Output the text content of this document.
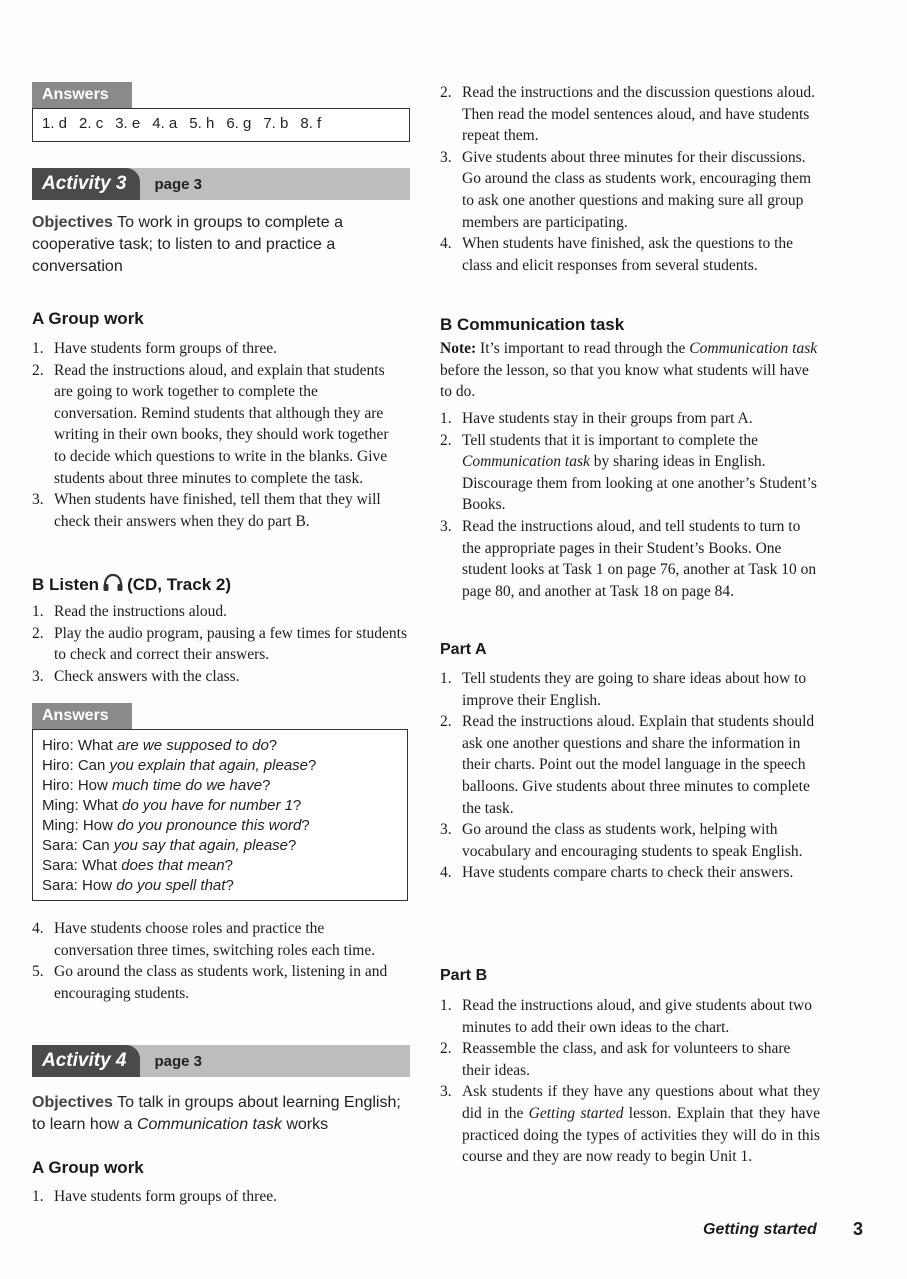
Answers
1. d 2. c 3. e 4. a 5. h 6. g 7. b 8. f
Activity 3	page 3
Objectives To work in groups to complete a cooperative task; to listen to and practice a conversation
A Group work
1. Have students form groups of three.
2. Read the instructions aloud, and explain that students are going to work together to complete the conversation. Remind students that although they are writing in their own books, they should work together to decide which questions to write in the blanks. Give students about three minutes to complete the task.
3. When students have finished, tell them that they will check their answers when they do part B.
B Listen (CD, Track 2)
1. Read the instructions aloud.
2. Play the audio program, pausing a few times for students to check and correct their answers.
3. Check answers with the class.
Answers
Hiro: What are we supposed to do?
Hiro: Can you explain that again, please?
Hiro: How much time do we have?
Ming: What do you have for number 1?
Ming: How do you pronounce this word?
Sara: Can you say that again, please?
Sara: What does that mean?
Sara: How do you spell that?
4. Have students choose roles and practice the conversation three times, switching roles each time.
5. Go around the class as students work, listening in and encouraging students.
Activity 4	page 3
Objectives To talk in groups about learning English; to learn how a Communication task works
A Group work
1. Have students form groups of three.
2. Read the instructions and the discussion questions aloud. Then read the model sentences aloud, and have students repeat them.
3. Give students about three minutes for their discussions. Go around the class as students work, encouraging them to ask one another questions and making sure all group members are participating.
4. When students have finished, ask the questions to the class and elicit responses from several students.
B Communication task
Note: It’s important to read through the Communication task before the lesson, so that you know what students will have to do.
1. Have students stay in their groups from part A.
2. Tell students that it is important to complete the Communication task by sharing ideas in English. Discourage them from looking at one another’s Student’s Books.
3. Read the instructions aloud, and tell students to turn to the appropriate pages in their Student’s Books. One student looks at Task 1 on page 76, another at Task 10 on page 80, and another at Task 18 on page 84.
Part A
1. Tell students they are going to share ideas about how to improve their English.
2. Read the instructions aloud. Explain that students should ask one another questions and share the information in their charts. Point out the model language in the speech balloons. Give students about three minutes to complete the task.
3. Go around the class as students work, helping with vocabulary and encouraging students to speak English.
4. Have students compare charts to check their answers.
Part B
1. Read the instructions aloud, and give students about two minutes to add their own ideas to the chart.
2. Reassemble the class, and ask for volunteers to share their ideas.
3. Ask students if they have any questions about what they did in the Getting started lesson. Explain that they have practiced doing the types of activities they will do in this course and they are now ready to begin Unit 1.
Getting started 3
